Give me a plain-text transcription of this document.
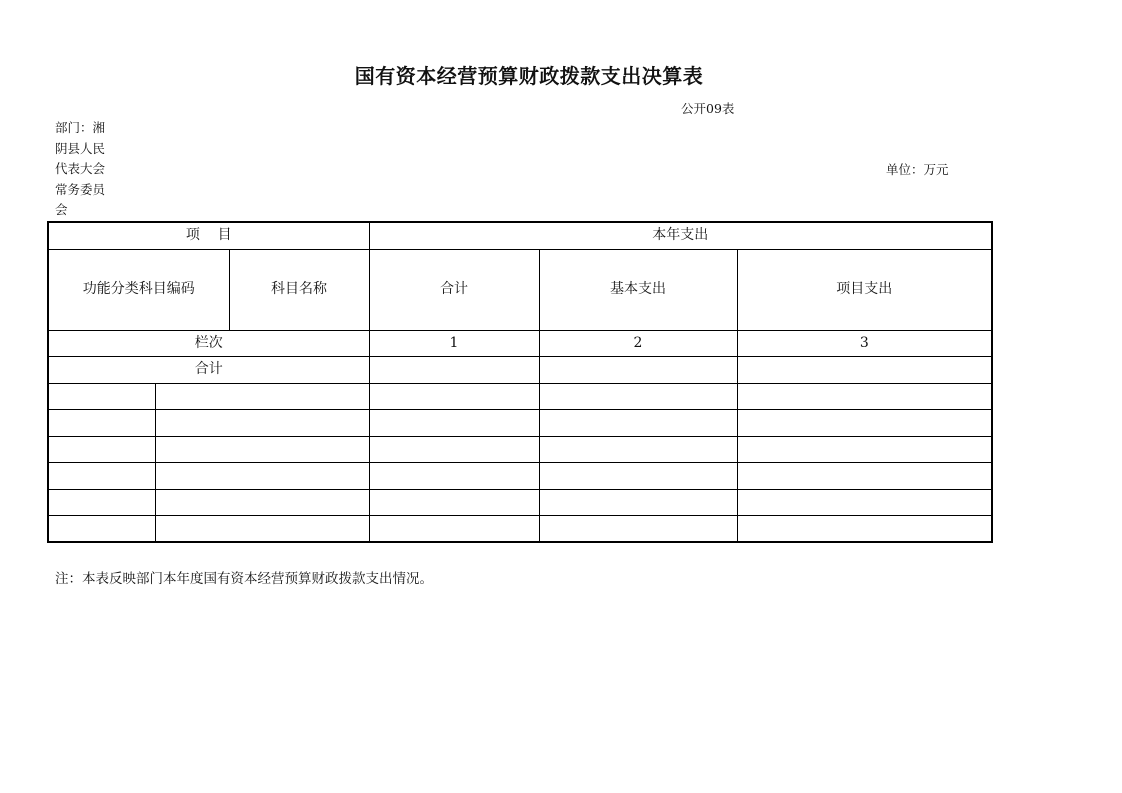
国有资本经营预算财政拨款支出决算表
公开09表
部门：湘阴县人民代表大会常务委员会
单位：万元
项    目			本年支出		
功能分类科目编码		科目名称	合计	基本支出	项目支出
栏次			1	2	3
合计					

注：本表反映部门本年度国有资本经营预算财政拨款支出情况。
